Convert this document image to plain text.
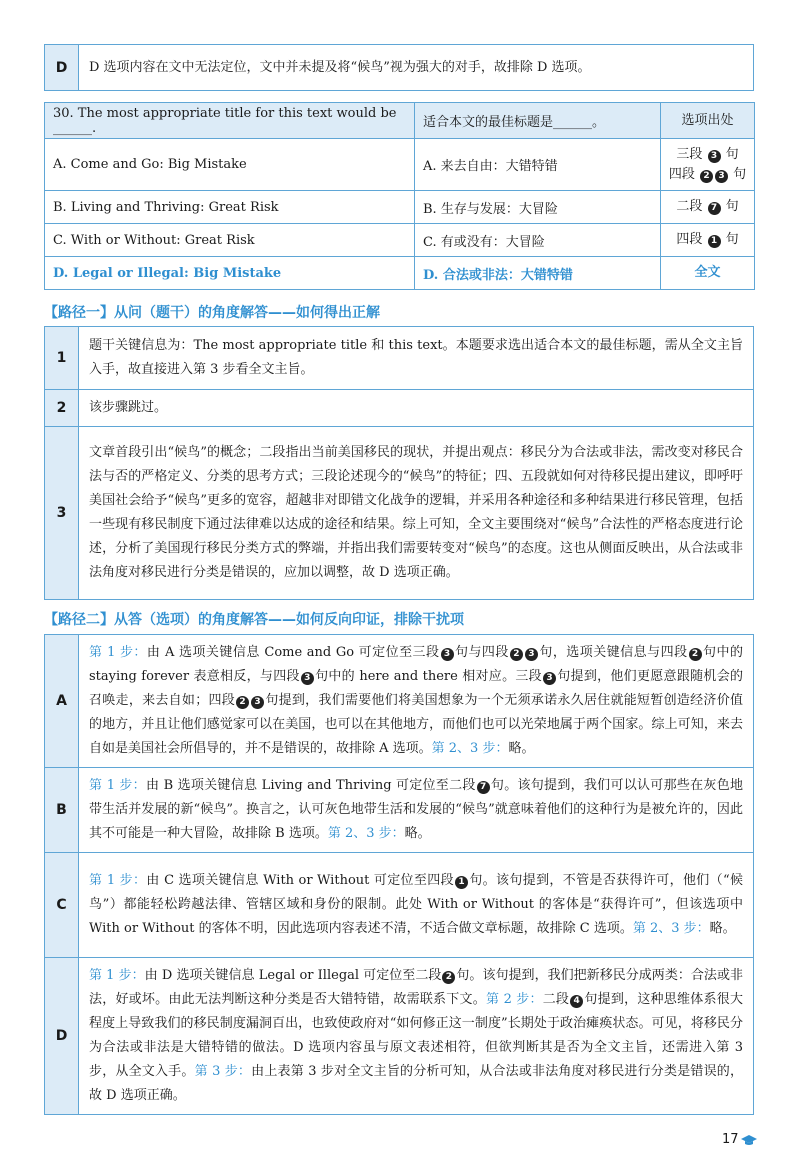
D	D 选项内容在文中无法定位，文中并未提及将“候鸟”视为强大的对手，故排除 D 选项。
30. The most appropriate title for this text would be ______.	适合本文的最佳标题是______。	选项出处
A. Come and Go: Big Mistake	A. 来去自由：大错特错	三段 3 句
四段 2 3 句
B. Living and Thriving: Great Risk	B. 生存与发展：大冒险	二段 7 句
C. With or Without: Great Risk	C. 有或没有：大冒险	四段 1 句
D. Legal or Illegal: Big Mistake	D. 合法或非法：大错特错	全文
【路径一】从问（题干）的角度解答——如何得出正解
1	题干关键信息为：The most appropriate title 和 this text。本题要求选出适合本文的最佳标题，需从全文主旨入手，故直接进入第 3 步看全文主旨。
2	该步骤跳过。
3	文章首段引出“候鸟”的概念；二段指出当前美国移民的现状，并提出观点：移民分为合法或非法，需改变对移民合法与否的严格定义、分类的思考方式；三段论述现今的“候鸟”的特征；四、五段就如何对待移民提出建议，即呼吁美国社会给予“候鸟”更多的宽容，超越非对即错文化战争的逻辑，并采用各种途径和多种结果进行移民管理，包括一些现有移民制度下通过法律难以达成的途径和结果。综上可知，全文主要围绕对“候鸟”合法性的严格态度进行论述，分析了美国现行移民分类方式的弊端，并指出我们需要转变对“候鸟”的态度。这也从侧面反映出，从合法或非法角度对移民进行分类是错误的，应加以调整，故 D 选项正确。
【路径二】从答（选项）的角度解答——如何反向印证，排除干扰项
A	第 1 步：由 A 选项关键信息 Come and Go 可定位至三段 3 句与四段 2 3 句，选项关键信息与四段 2 句中的 staying forever 表意相反，与四段 3 句中的 here and there 相对应。三段 3 句提到，他们更愿意跟随机会的召唤走，来去自如；四段 2 3 句提到，我们需要他们将美国想象为一个无须承诺永久居住就能短暂创造经济价值的地方，并且让他们感觉家可以在美国，也可以在其他地方，而他们也可以光荣地属于两个国家。综上可知，来去自如是美国社会所倡导的，并不是错误的，故排除 A 选项。第 2、3 步：略。
B	第 1 步：由 B 选项关键信息 Living and Thriving 可定位至二段 7 句。该句提到，我们可以认可那些在灰色地带生活并发展的新“候鸟”。换言之，认可灰色地带生活和发展的“候鸟”就意味着他们的这种行为是被允许的，因此其不可能是一种大冒险，故排除 B 选项。第 2、3 步：略。
C	第 1 步：由 C 选项关键信息 With or Without 可定位至四段 1 句。该句提到，不管是否获得许可，他们（“候鸟”）都能轻松跨越法律、管辖区域和身份的限制。此处 With or Without 的客体是“获得许可”，但该选项中 With or Without 的客体不明，因此选项内容表述不清，不适合做文章标题，故排除 C 选项。第 2、3 步：略。
D	第 1 步：由 D 选项关键信息 Legal or Illegal 可定位至二段 2 句。该句提到，我们把新移民分成两类：合法或非法，好或坏。由此无法判断这种分类是否大错特错，故需联系下文。第 2 步：二段 4 句提到，这种思维体系很大程度上导致我们的移民制度漏洞百出，也致使政府对“如何修正这一制度”长期处于政治瘫痪状态。可见，将移民分为合法或非法是大错特错的做法。D 选项内容虽与原文表述相符，但欲判断其是否为全文主旨，还需进入第 3 步，从全文入手。第 3 步：由上表第 3 步对全文主旨的分析可知，从合法或非法角度对移民进行分类是错误的，故 D 选项正确。
17
